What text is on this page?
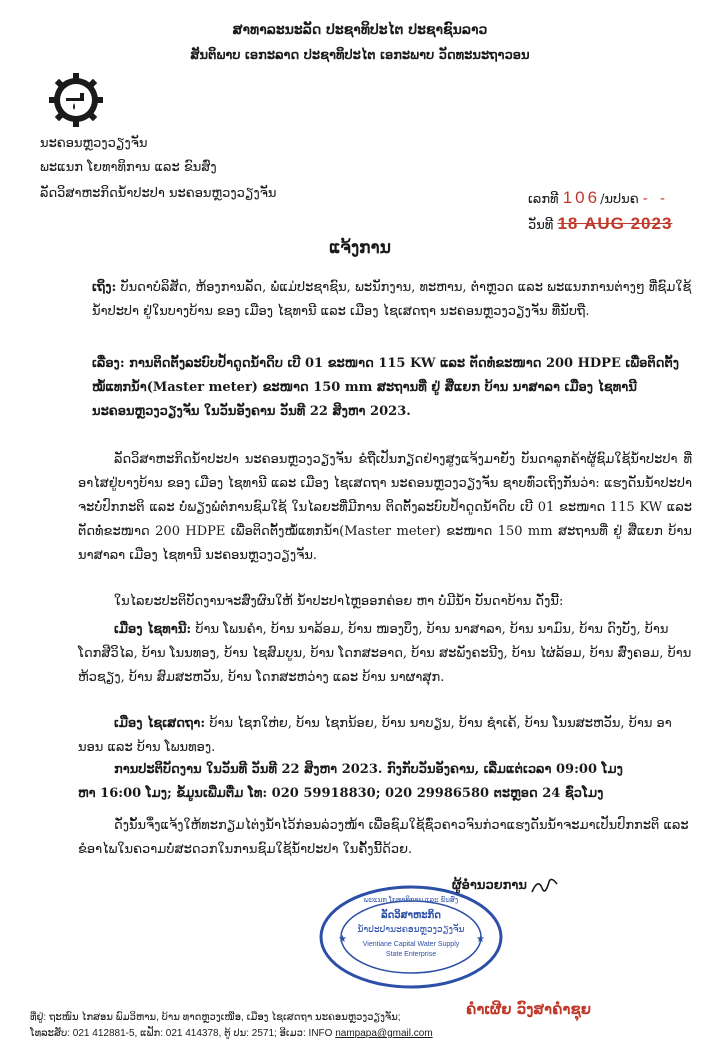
ສາທາລະນະລັດ ປະຊາທິປະໄຕ ປະຊາຊົນລາວ
ສັນຕິພາບ ເອກະລາດ ປະຊາທິປະໄຕ ເອກະພາບ ວັດທະນະຖາວອນ
ນະຄອນຫຼວງວຽງຈັນ
ພະແນກ ໂຍທາທິການ ແລະ ຂົນສົ່ງ
ລັດວິສາຫະກິດນໍ້າປະປາ ນະຄອນຫຼວງວຽງຈັນ	ເລກທີ 106/ນປນຄ - -
ວັນທີ 18 AUG 2023
ແຈ້ງການ
ເຖິງ: ບັນດາບໍລິສັດ, ຫ້ອງການລັດ, ພໍ່ແມ່ປະຊາຊົນ, ພະນັກງານ, ທະຫານ, ຕໍາຫຼວດ ແລະ ພະແນກການຕ່າງໆ ທີ່ຊົມໃຊ້ນໍ້າປະປາ ຢູ່ໃນບາງບ້ານ ຂອງ ເມືອງ ໄຊທານີ ແລະ ເມືອງ ໄຊເສດຖາ ນະຄອນຫຼວງວຽງຈັນ ທີ່ນັບຖື.
ເລື່ອງ: ການຕິດຕັ້ງລະບົບປໍ້າດູດນໍ້າດິບ ເບີ 01 ຂະໜາດ 115 KW ແລະ ຕັດທໍ່ຂະໜາດ 200 HDPE ເພື່ອຕິດຕັ້ງໝໍ້ແທກນໍ້າ(Master meter) ຂະໜາດ 150 mm ສະຖານທີ່ ຢູ່ ສີ່ແຍກ ບ້ານ ນາສາລາ ເມືອງ ໄຊທານີ ນະຄອນຫຼວງວຽງຈັນ ໃນວັນອັງຄານ ວັນທີ 22 ສິງຫາ 2023.
ລັດວິສາຫະກິດນໍ້າປະປາ ນະຄອນຫຼວງວຽງຈັນ ຂໍຖືເປັນກຽດຢ່າງສູງແຈ້ງມາຍັງ ບັນດາລູກຄ້າຜູ້ຊົມໃຊ້ນໍ້າປະປາ ທີ່ອາໄສຢູ່ບາງບ້ານ ຂອງ ເມືອງ ໄຊທານີ ແລະ ເມືອງ ໄຊເສດຖາ ນະຄອນຫຼວງວຽງຈັນ ຊາບທົ່ວເຖິງກັນວ່າ: ແຮງດັນນໍ້າປະປາຈະບໍ່ປົກກະຕິ ແລະ ບໍ່ພຽງພໍຕໍ່ການຊົມໃຊ້ ໃນໄລຍະທີ່ມີການ ຕິດຕັ້ງລະບົບປໍ້າດູດນໍ້າດິບ ເບີ 01 ຂະໜາດ 115 KW ແລະ ຕັດທໍ່ຂະໜາດ 200 HDPE ເພື່ອຕິດຕັ້ງໝໍ້ແທກນໍ້າ(Master meter) ຂະໜາດ 150 mm ສະຖານທີ່ ຢູ່ ສີ່ແຍກ ບ້ານ ນາສາລາ ເມືອງ ໄຊທານີ ນະຄອນຫຼວງວຽງຈັນ.
ໃນໄລຍະປະຕິບັດງານຈະສົ່ງຜົນໃຫ້ ນໍ້າປະປາໄຫຼອອກຄ່ອຍ ຫາ ບໍ່ມີນໍ້າ ບັນດາບ້ານ ດັ່ງນີ້:
ເມືອງ ໄຊທານີ: ບ້ານ ໂພນຄໍາ, ບ້ານ ນາລ້ອມ, ບ້ານ ໜອງບຶງ, ບ້ານ ນາສາລາ, ບ້ານ ນາມົນ, ບ້ານ ດົງບັງ, ບ້ານ ໂດກສີວິໄລ, ບ້ານ ໂນນທອງ, ບ້ານ ໄຊສົມບູນ, ບ້ານ ໂດກສະອາດ, ບ້ານ ສະພັງຄະນີງ, ບ້ານ ໄຜ່ລ້ອມ, ບ້ານ ສົ່ງຄອມ, ບ້ານ ຫ້ວຊຽງ, ບ້ານ ສົມສະຫວັນ, ບ້ານ ໂດກສະຫວ່າງ ແລະ ບ້ານ ນາຜາສຸກ.
ເມືອງ ໄຊເສດຖາ: ບ້ານ ໄຊກໃຫ່ຍ, ບ້ານ ໄຊກນ້ອຍ, ບ້ານ ນາບຽນ, ບ້ານ ຊໍາເຄ້, ບ້ານ ໂນນສະຫວັນ, ບ້ານ ອານອນ ແລະ ບ້ານ ໂພນທອງ.
ການປະຕິບັດງານ ໃນວັນທີ ວັນທີ 22 ສິງຫາ 2023. ກົງກັບວັນອັງຄານ, ເລີ່ມແຕ່ເວລາ 09:00 ໂມງ
ຫາ 16:00 ໂມງ; ຂໍ້ມູນເພີ່ມຕື່ມ ໂທ: 020 59918830; 020 29986580 ຕະຫຼອດ 24 ຊົ່ວໂມງ
ດັ່ງນັ້ນຈຶ່ງແຈ້ງໃຫ້ທະກຽມໄຕ່ງນໍ້າໄວ້ກ່ອນລ່ວງໜ້າ ເພື່ອຊົມໃຊ້ຊົ່ວຄາວຈົນກ່ວາແຮງດັນນໍ້າຈະມາເປັນປົກກະຕິ ແລະ ຂໍອາໄພໃນຄວາມບໍ່ສະດວກໃນການຊົມໃຊ້ນໍ້າປະປາ ໃນຄັ້ງນີ້ດ້ວຍ.
ພະແນກ ໂຍທາທິການ ແລະ ຂົນສົ່ງ
ລັດວິສາຫະກິດ
ນໍ້າປະປານະຄອນຫຼວງວຽງຈັນ
Vientiane Capital Water Supply
State Enterprise
★	★
ຜູ້ອໍານວຍການ
ຄໍາເຜີຍ ວົງສາຄໍາຊຸຍ
ທີ່ຢູ່: ຖະໜົນ ໄກສອນ ພົມວິຫານ, ບ້ານ ທາດຫຼວງເໜືອ, ເມືອງ ໄຊເສດຖາ ນະຄອນຫຼວງວຽງຈັນ;
ໂທລະສັບ: 021 412881-5, ແຟັກ: 021 414378, ຕູ້ ປນ: 2571; ອີເມວ: INFO nampapa@gmail.com
